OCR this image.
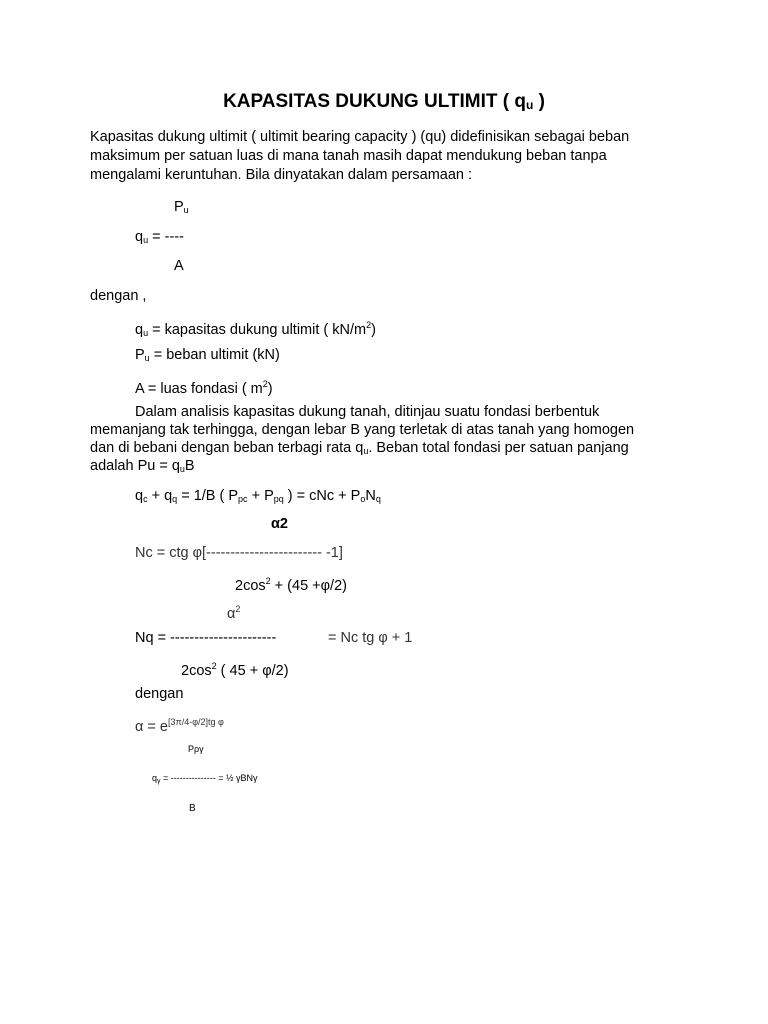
KAPASITAS DUKUNG ULTIMIT ( qu )
Kapasitas dukung ultimit ( ultimit bearing capacity ) (qu) didefinisikan sebagai beban
maksimum per satuan luas di mana tanah masih dapat mendukung beban tanpa
mengalami keruntuhan. Bila dinyatakan dalam persamaan :
Pu
qu = ----
A
dengan ,
qu = kapasitas dukung ultimit ( $kN/m^2$)
Pu = beban ultimit (kN)
A = luas fondasi ( $m^2$)
Dalam analisis kapasitas dukung tanah, ditinjau suatu fondasi berbentuk
memanjang tak terhingga, dengan lebar B yang terletak di atas tanah yang homogen
dan di bebani dengan beban terbagi rata qu. Beban total fondasi per satuan panjang
adalah Pu = quB
qc + qq = 1/B ( Ppc + Ppq ) = cNc + PoNq
α2
Nc = ctg φ[------------------------ -1]
$2\cos^2 + (45 +\varphi/2)$
$\alpha^2$
Nq = ----------------------	= Nc tg φ + 1
$2\cos^2$ ( 45 + φ/2)
dengan
$\alpha = e^{[3\pi/4-\varphi/2]tg \varphi}$
Pργ
$q_\gamma$ = --------------- = ½ γBNγ
B
